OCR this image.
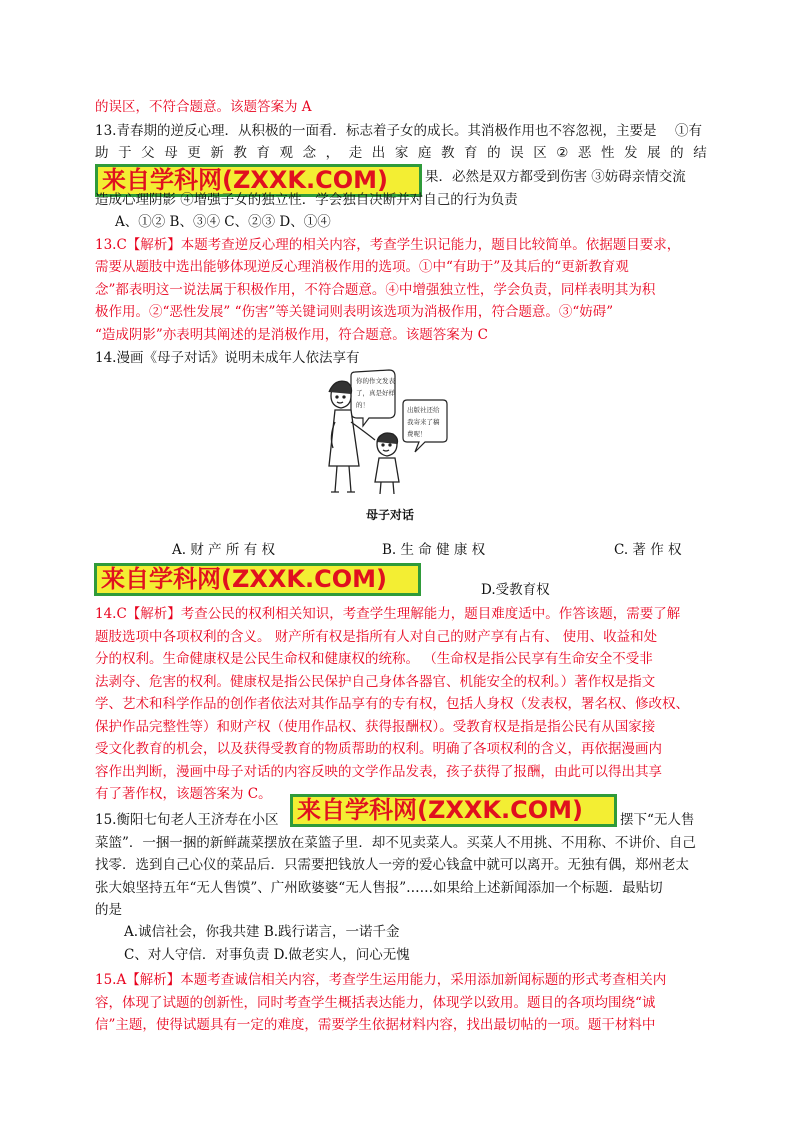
的误区，不符合题意。该题答案为 A
13.青春期的逆反心理．从积极的一面看．标志着子女的成长。其消极作用也不容忽视，主要是 ①有
助 于 父 母 更 新 教 育 观 念 ， 走 出 家 庭 教 育 的 误 区 ② 恶 性 发 展 的 结
来自学科网(ZXXK.COM)	果．必然是双方都受到伤害 ③妨碍亲情交流
造成心理阴影 ④增强子女的独立性．学会独自决断并对自己的行为负责
A、①② B、③④ C、②③ D、①④
13.C【解析】本题考查逆反心理的相关内容，考查学生识记能力，题目比较简单。依据题目要求，
需要从题肢中选出能够体现逆反心理消极作用的选项。①中“有助于”及其后的“更新教育观
念”都表明这一说法属于积极作用，不符合题意。④中增强独立性，学会负责，同样表明其为积
极作用。②“恶性发展” “伤害”等关键词则表明该选项为消极作用，符合题意。③“妨碍”
“造成阴影”亦表明其阐述的是消极作用，符合题意。该题答案为 C
14.漫画《母子对话》说明未成年人依法享有
你的作文发表
了，真是好样
的！
出版社还给
我寄来了稿
费呢！
母子对话
A. 财 产 所 有 权	B. 生 命 健 康 权	C. 著 作 权
来自学科网(ZXXK.COM)	D.受教育权
14.C【解析】考查公民的权利相关知识，考查学生理解能力，题目难度适中。作答该题，需要了解
题肢选项中各项权利的含义。 财产所有权是指所有人对自己的财产享有占有、 使用、收益和处
分的权利。生命健康权是公民生命权和健康权的统称。 （生命权是指公民享有生命安全不受非
法剥夺、危害的权利。健康权是指公民保护自己身体各器官、机能安全的权利。）著作权是指文
学、艺术和科学作品的创作者依法对其作品享有的专有权，包括人身权（发表权，署名权、修改权、
保护作品完整性等）和财产权（使用作品权、获得报酬权）。受教育权是指是指公民有从国家接
受文化教育的机会，以及获得受教育的物质帮助的权利。明确了各项权利的含义，再依据漫画内
容作出判断，漫画中母子对话的内容反映的文学作品发表，孩子获得了报酬，由此可以得出其享
有了著作权，该题答案为 C。
15.衡阳七旬老人王济寿在小区 来自学科网(ZXXK.COM)	摆下“无人售
菜篮”．一捆一捆的新鲜蔬菜摆放在菜篮子里．却不见卖菜人。买菜人不用挑、不用称、不讲价、自己
找零．选到自己心仪的菜品后．只需要把钱放人一旁的爱心钱盒中就可以离开。无独有偶，郑州老太
张大娘坚持五年“无人售馍”、广州欧婆婆“无人售报”……如果给上述新闻添加一个标题．最贴切
的是
A.诚信社会，你我共建 B.践行诺言，一诺千金
C、对人守信．对事负责 D.做老实人，问心无愧
15.A【解析】本题考查诚信相关内容，考查学生运用能力，采用添加新闻标题的形式考查相关内
容，体现了试题的创新性，同时考查学生概括表达能力，体现学以致用。题目的各项均围绕“诚
信”主题，使得试题具有一定的难度，需要学生依据材料内容，找出最切帖的一项。题干材料中
